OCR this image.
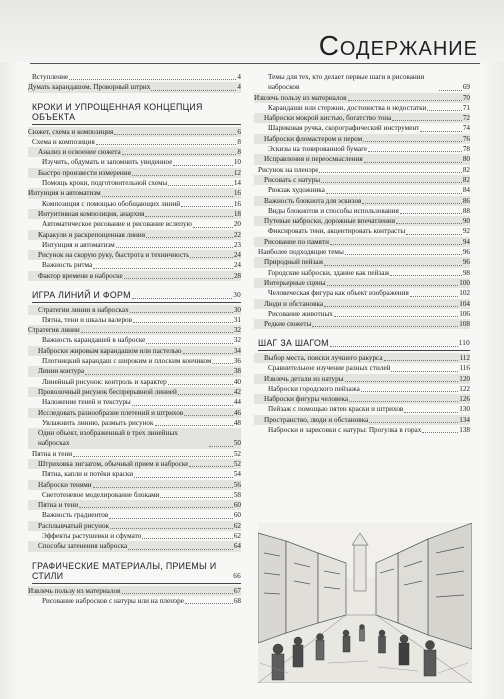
Содержание
Вступление	4
Думать карандашом. Проворный штрих	4
КРОКИ И УПРОЩЕННАЯ КОНЦЕПЦИЯ ОБЪЕКТА
Сюжет, схема и композиция	6
Схема и композиция	8
Анализ и освоение сюжета	8
Изучить, обдумать и запомнить увиденное	10
Быстро произвести измерения	12
Помощь кроки, подготовительной схемы	14
Интуиция и автоматизм	16
Композиция с помощью обобщающих линий	16
Интуитивная композиция, анархия	18
Автоматическое рисование и рисование вслепую	20
Каракули и раскрепощенная линия	22
Интуиция и автоматизм	23
Рисунок на скорую руку, быстрота и техничность	24
Важность ритма	24
Фактор времени в наброске	28
ИГРА ЛИНИЙ И ФОРМ	30
Стратегии линии в набросках	30
Пятна, тени и шкалы валеров	31
Стратегия линии	32
Важность карандашей в наброске	32
Наброски жировым карандашом или пастелью	34
Плотницкий карандаш с широким и плоским кончиком	36
Линии контура	38
Линейный рисунок: контроль и характер	40
Проволочный рисунок беспрерывной линией	42
Наложение теней и текстуры	44
Исследовать разнообразие плетений и штрихов	46
Увлажнить линию, размыть рисунок	48
Один объект, изображенный в трех линейных набросках	50
Пятна и тени	52
Штриховка зигзагом, обычный прием в наброске	52
Пятна, капли и потёки краски	54
Наброски тенями	56
Светотеневое моделирование блоками	58
Пятна и тени	60
Важность градиентов	60
Расплывчатый рисунок	62
Эффекты растушевки и сфумато	62
Способы затенения наброска	64
ГРАФИЧЕСКИЕ МАТЕРИАЛЫ, ПРИЕМЫ И СТИЛИ	66
Извлечь пользу из материалов	67
Рисование набросков с натуры или на пленэре	68
Темы для тех, кто делает первые шаги в рисовании набросков	69
Извлечь пользу из материалов	70
Карандаши или стержни, достоинства и недостатки	71
Наброски мокрой кистью, богатство тона	72
Шариковая ручка, скорографический инструмент	74
Наброски фломастером и пером	76
Эскизы на тонированной бумаге	78
Исправления и переосмысления	80
Рисунок на пленэре	82
Рисовать с натуры	82
Рюкзак художника	84
Важность блокнота для эскизов	86
Виды блокнотов и способы использования	88
Путевые наброски, дорожные впечатления	90
Фиксировать тени, акцентировать контрасты	92
Рисование по памяти	94
Наиболее подходящие темы	96
Природный пейзаж	96
Городские наброски, здание как пейзаж	98
Интерьерные сцены	100
Человеческая фигура как объект изображения	102
Люди и обстановка	104
Рисование животных	106
Редкие сюжеты	108
ШАГ ЗА ШАГОМ	110
Выбор места, поиски лучшего ракурса	112
Сравнительное изучение разных стилей	116
Извлечь детали из натуры	120
Наброски городского пейзажа	122
Наброски фигуры человека	126
Пейзаж с помощью пятен краски и штрихов	130
Пространство, люди и обстановка	134
Наброски и зарисовки с натуры: Прогулка в горах	138
